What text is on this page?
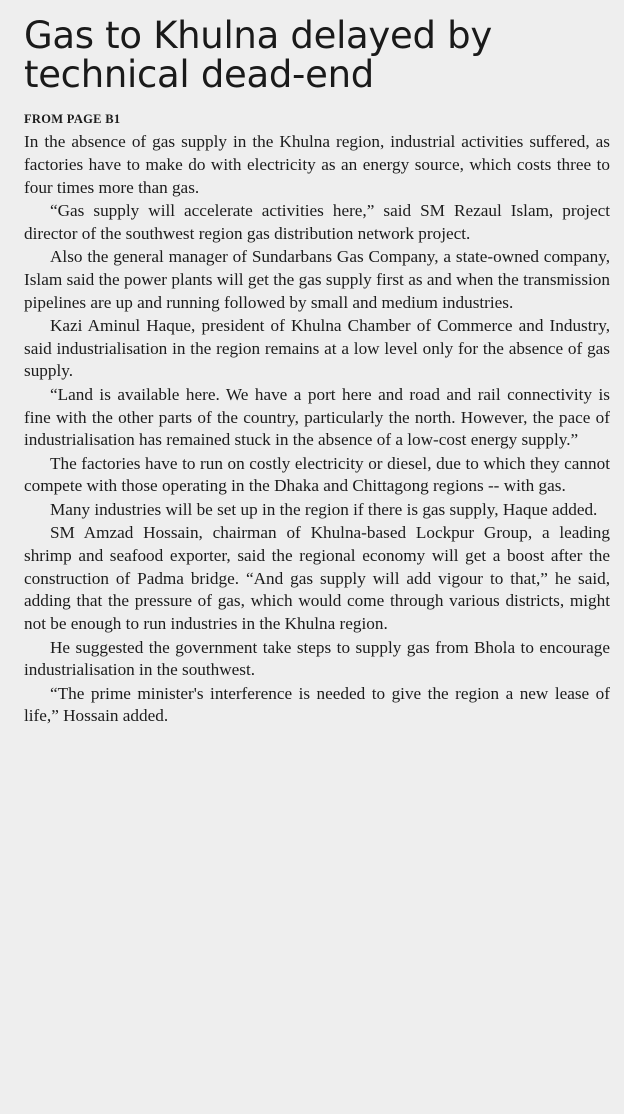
Gas to Khulna delayed by technical dead-end
FROM PAGE B1

In the absence of gas supply in the Khulna region, industrial activities suffered, as factories have to make do with electricity as an energy source, which costs three to four times more than gas.

“Gas supply will accelerate activities here,” said SM Rezaul Islam, project director of the southwest region gas distribution network project.

Also the general manager of Sundarbans Gas Company, a state-owned company, Islam said the power plants will get the gas supply first as and when the transmission pipelines are up and running followed by small and medium industries.

Kazi Aminul Haque, president of Khulna Chamber of Commerce and Industry, said industrialisation in the region remains at a low level only for the absence of gas supply.

“Land is available here. We have a port here and road and rail connectivity is fine with the other parts of the country, particularly the north. However, the pace of industrialisation has remained stuck in the absence of a low-cost energy supply.”

The factories have to run on costly electricity or diesel, due to which they cannot compete with those operating in the Dhaka and Chittagong regions -- with gas.

Many industries will be set up in the region if there is gas supply, Haque added.

SM Amzad Hossain, chairman of Khulna-based Lockpur Group, a leading shrimp and seafood exporter, said the regional economy will get a boost after the construction of Padma bridge. “And gas supply will add vigour to that,” he said, adding that the pressure of gas, which would come through various districts, might not be enough to run industries in the Khulna region.

He suggested the government take steps to supply gas from Bhola to encourage industrialisation in the southwest.

“The prime minister's interference is needed to give the region a new lease of life,” Hossain added.
